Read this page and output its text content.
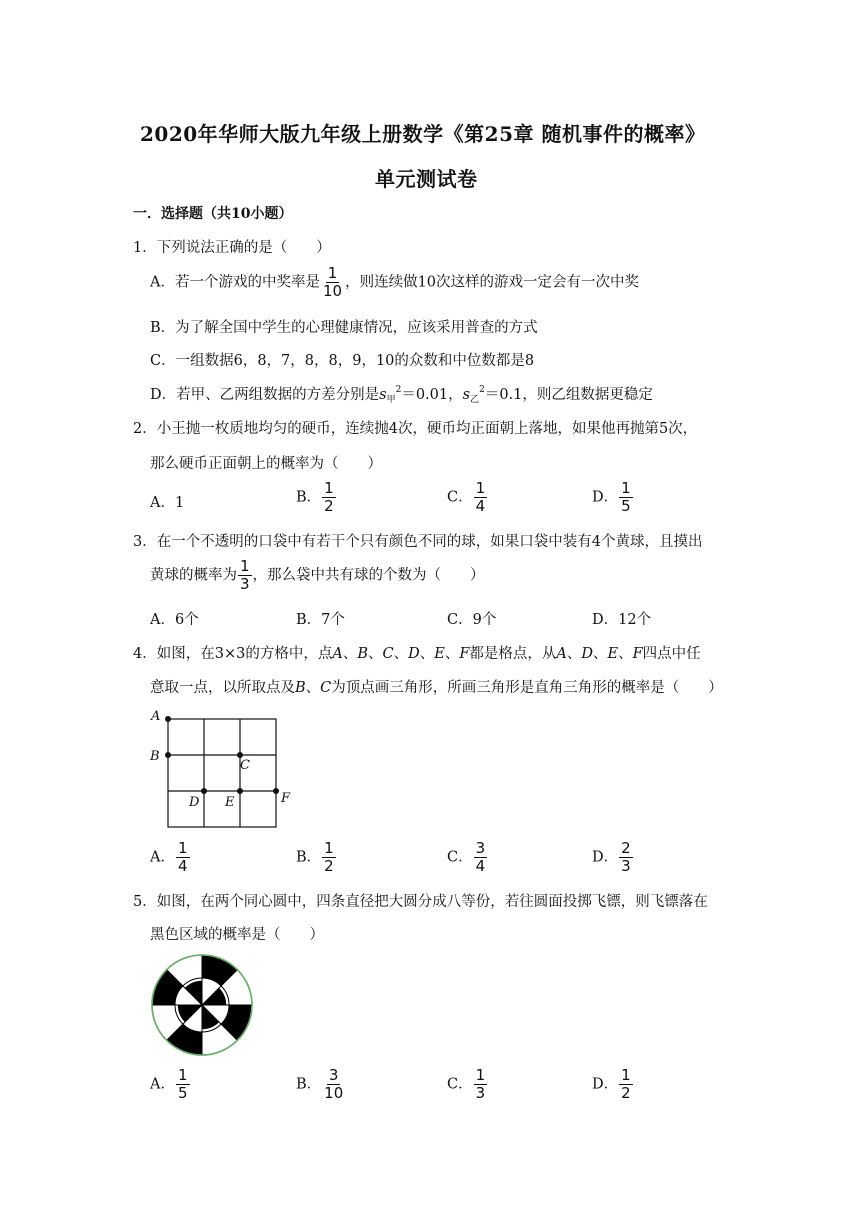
2020年华师大版九年级上册数学《第25章 随机事件的概率》
单元测试卷
一．选择题（共10小题）
1．下列说法正确的是（　　）
A．若一个游戏的中奖率是 $\frac{1}{10}$ ，则连续做10次这样的游戏一定会有一次中奖
B．为了解全国中学生的心理健康情况，应该采用普查的方式
C．一组数据6，8，7，8，8，9，10的众数和中位数都是8
D．若甲、乙两组数据的方差分别是$s_甲^2=0.01$，$s_乙^2=0.1$，则乙组数据更稳定
2．小王抛一枚质地均匀的硬币，连续抛4次，硬币均正面朝上落地，如果他再抛第5次，
那么硬币正面朝上的概率为（　　）
A．1	B． $\frac{1}{2}$	C． $\frac{1}{4}$	D． $\frac{1}{5}$
3．在一个不透明的口袋中有若干个只有颜色不同的球，如果口袋中装有4个黄球，且摸出
黄球的概率为 $\frac{1}{3}$ ，那么袋中共有球的个数为（　　）
A．6个	B．7个	C．9个	D．12个
4．如图，在3×3的方格中，点A、B、C、D、E、F都是格点，从A、D、E、F四点中任
意取一点，以所取点及B、C为顶点画三角形，所画三角形是直角三角形的概率是（　　）
A
B
C
D E	F
A． $\frac{1}{4}$	B． $\frac{1}{2}$	C． $\frac{3}{4}$	D． $\frac{2}{3}$
5．如图，在两个同心圆中，四条直径把大圆分成八等份，若往圆面投掷飞镖，则飞镖落在
黑色区域的概率是（　　）
A． $\frac{1}{5}$	B． $\frac{3}{10}$	C． $\frac{1}{3}$	D． $\frac{1}{2}$
